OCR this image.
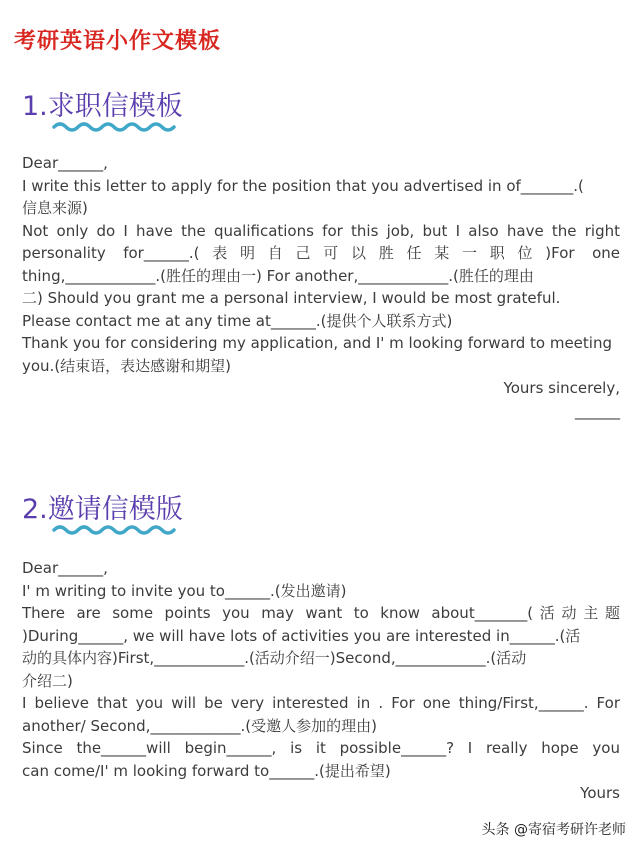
考研英语小作文模板
1.求职信模板
Dear______,
I write this letter to apply for the position that you advertised in of_______.(
信息来源)
Not only do I have the qualifications for this job, but I also have the right
personality for______.(表明自己可以胜任某一职位)For one
thing,____________.(胜任的理由一) For another,____________.(胜任的理由
二) Should you grant me a personal interview, I would be most grateful.
Please contact me at any time at______.(提供个人联系方式)
Thank you for considering my application, and I' m looking forward to meeting
you.(结束语，表达感谢和期望)
Yours sincerely,
______
2.邀请信模版
Dear______,
I' m writing to invite you to______.(发出邀请)
There are some points you may want to know about_______(活动主题
)During______, we will have lots of activities you are interested in______.(活
动的具体内容)First,____________.(活动介绍一)Second,____________.(活动
介绍二)
I believe that you will be very interested in . For one thing/First,______. For
another/ Second,____________.(受邀人参加的理由)
Since the______will begin______, is it possible______? I really hope you
can come/I' m looking forward to______.(提出希望)
Yours
头条 @寄宿考研许老师
